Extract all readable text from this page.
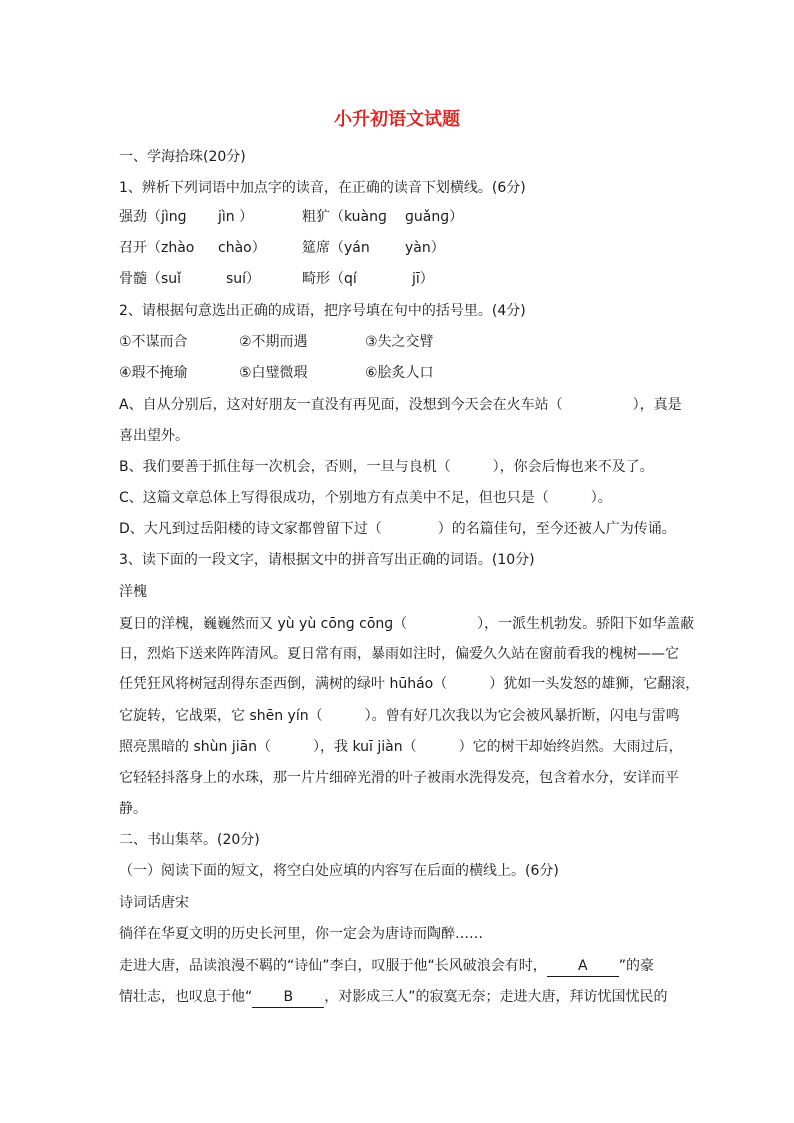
小升初语文试题
一、学海拾珠(20分)
1、辨析下列词语中加点字的读音，在正确的读音下划横线。(6分)
强劲（jìnɡ jìn ）	粗犷（kuànɡ ɡuǎnɡ）
召开（zhào chào）	筵席（yán	yàn）
骨髓（suǐ	suí）	畸形（qí	jī）
2、请根据句意选出正确的成语，把序号填在句中的括号里。(4分)
①不谋而合	②不期而遇	③失之交臂
④瑕不掩瑜	⑤白璧微瑕	⑥脍炙人口
A、自从分别后，这对好朋友一直没有再见面，没想到今天会在火车站（　　　　　），真是
喜出望外。
B、我们要善于抓住每一次机会，否则，一旦与良机（　　　），你会后悔也来不及了。
C、这篇文章总体上写得很成功，个别地方有点美中不足，但也只是（　　　）。
D、大凡到过岳阳楼的诗文家都曾留下过（　　　　）的名篇佳句，至今还被人广为传诵。
3、读下面的一段文字，请根据文中的拼音写出正确的词语。(10分)
洋槐
夏日的洋槐，巍巍然而又 yù yù cōnɡ cōnɡ（　　　　　），一派生机勃发。骄阳下如华盖蔽
日，烈焰下送来阵阵清风。夏日常有雨，暴雨如注时，偏爱久久站在窗前看我的槐树——它
任凭狂风将树冠刮得东歪西倒，满树的绿叶 hūháo（　　　）犹如一头发怒的雄狮，它翻滚，
它旋转，它战栗，它 shēn yín（　　　）。曾有好几次我以为它会被风暴折断，闪电与雷鸣
照亮黑暗的 shùn jiān（　　　），我 kuī jiàn（　　　）它的树干却始终岿然。大雨过后，
它轻轻抖落身上的水珠，那一片片细碎光滑的叶子被雨水洗得发亮，包含着水分，安详而平
静。
二、书山集萃。(20分)
（一）阅读下面的短文，将空白处应填的内容写在后面的横线上。(6分)
诗词话唐宋
徜徉在华夏文明的历史长河里，你一定会为唐诗而陶醉……
走进大唐，品读浪漫不羁的“诗仙”李白，叹服于他“长风破浪会有时， A ”的豪
情壮志，也叹息于他“ B ，对影成三人”的寂寞无奈；走进大唐，拜访忧国忧民的
